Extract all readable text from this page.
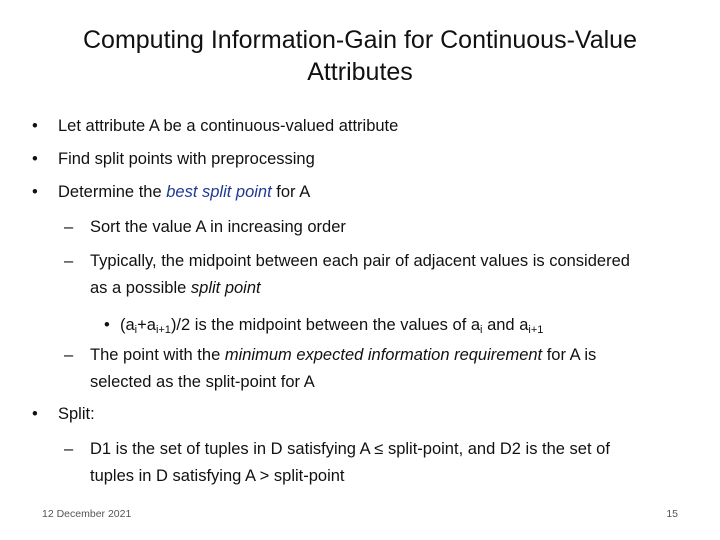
Computing Information-Gain for Continuous-Value Attributes
• Let attribute A be a continuous-valued attribute
• Find split points with preprocessing
• Determine the best split point for A
– Sort the value A in increasing order
– Typically, the midpoint between each pair of adjacent values is considered
as a possible split point
• $(a_i+a_{i+1})/2$ is the midpoint between the values of $a_i$ and $a_{i+1}$
– The point with the minimum expected information requirement for A is
selected as the split-point for A
• Split:
– D1 is the set of tuples in D satisfying A ≤ split-point, and D2 is the set of
tuples in D satisfying A > split-point
12 December 2021	15
